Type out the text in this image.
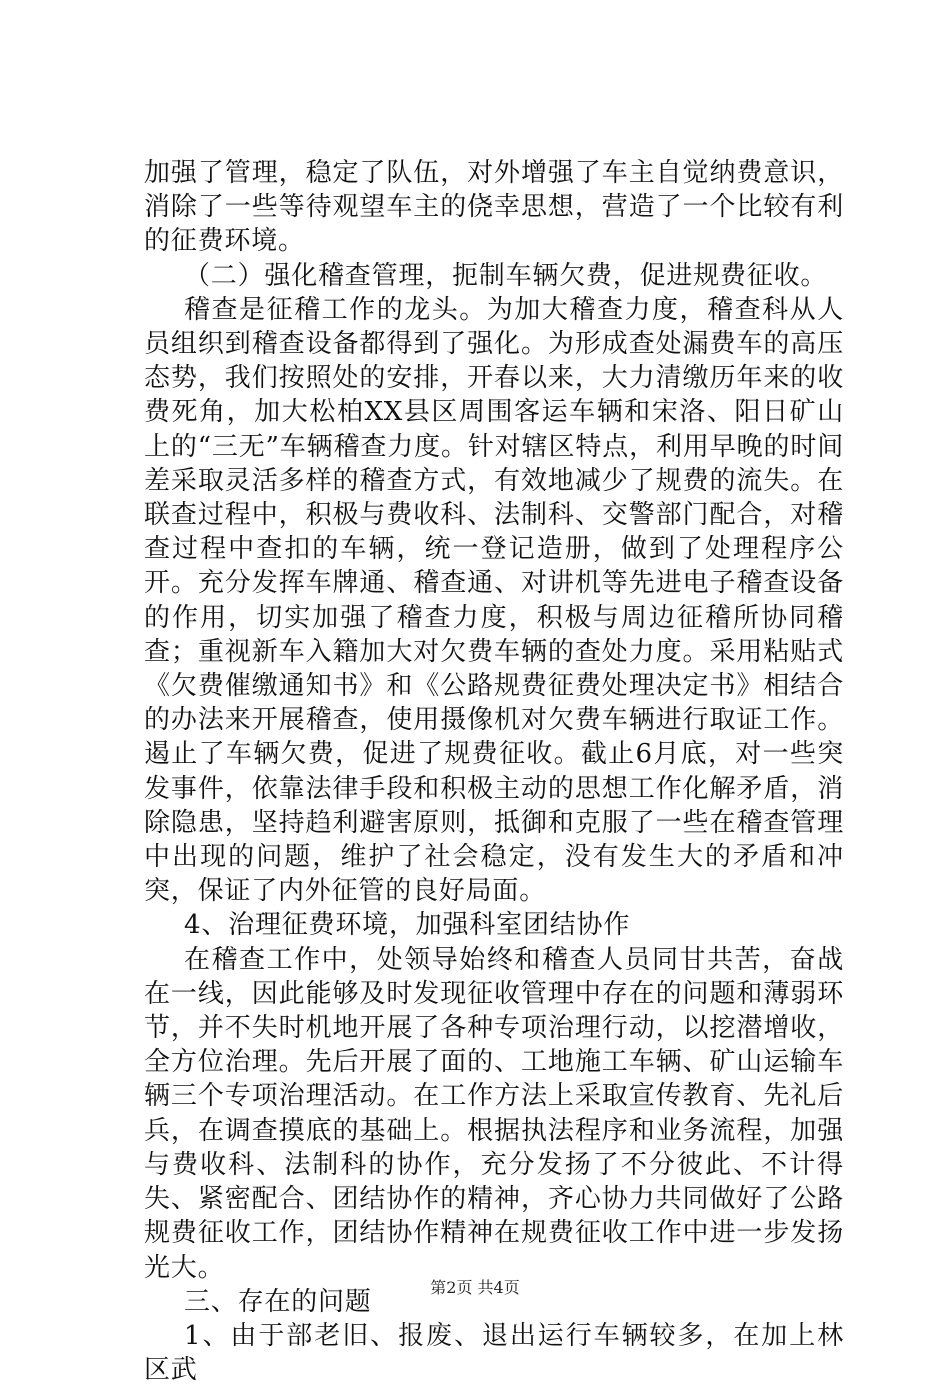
加强了管理，稳定了队伍，对外增强了车主自觉纳费意识，消除了一些等待观望车主的侥幸思想，营造了一个比较有利的征费环境。

（二）强化稽查管理，扼制车辆欠费，促进规费征收。

稽查是征稽工作的龙头。为加大稽查力度，稽查科从人员组织到稽查设备都得到了强化。为形成查处漏费车的高压态势，我们按照处的安排，开春以来，大力清缴历年来的收费死角，加大松柏XX县区周围客运车辆和宋洛、阳日矿山上的“三无”车辆稽查力度。针对辖区特点，利用早晚的时间差采取灵活多样的稽查方式，有效地减少了规费的流失。在联查过程中，积极与费收科、法制科、交警部门配合，对稽查过程中查扣的车辆，统一登记造册，做到了处理程序公开。充分发挥车牌通、稽查通、对讲机等先进电子稽查设备的作用，切实加强了稽查力度，积极与周边征稽所协同稽查；重视新车入籍加大对欠费车辆的查处力度。采用粘贴式《欠费催缴通知书》和《公路规费征费处理决定书》相结合的办法来开展稽查，使用摄像机对欠费车辆进行取证工作。遏止了车辆欠费，促进了规费征收。截止6月底，对一些突发事件，依靠法律手段和积极主动的思想工作化解矛盾，消除隐患，坚持趋利避害原则，抵御和克服了一些在稽查管理中出现的问题，维护了社会稳定，没有发生大的矛盾和冲突，保证了内外征管的良好局面。

4、治理征费环境，加强科室团结协作

在稽查工作中，处领导始终和稽查人员同甘共苦，奋战在一线，因此能够及时发现征收管理中存在的问题和薄弱环节，并不失时机地开展了各种专项治理行动，以挖潜增收，全方位治理。先后开展了面的、工地施工车辆、矿山运输车辆三个专项治理活动。在工作方法上采取宣传教育、先礼后兵，在调查摸底的基础上。根据执法程序和业务流程，加强与费收科、法制科的协作，充分发扬了不分彼此、不计得失、紧密配合、团结协作的精神，齐心协力共同做好了公路规费征收工作，团结协作精神在规费征收工作中进一步发扬光大。

三、存在的问题

1、由于部老旧、报废、退出运行车辆较多，在加上林区武

第2页 共4页
